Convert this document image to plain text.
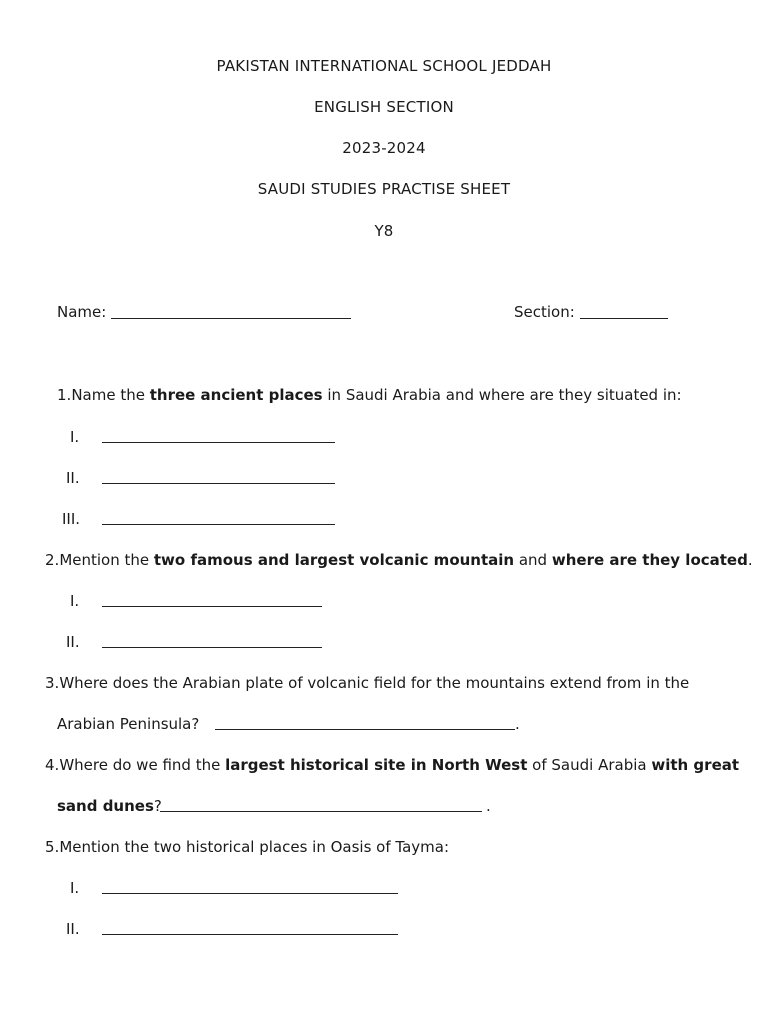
PAKISTAN INTERNATIONAL SCHOOL JEDDAH
ENGLISH SECTION
2023-2024
SAUDI STUDIES PRACTISE SHEET
Y8
Name:	Section:
1.Name the three ancient places in Saudi Arabia and where are they situated in:
I.
II.
III.
2.Mention the two famous and largest volcanic mountain and where are they located.
I.
II.
3.Where does the Arabian plate of volcanic field for the mountains extend from in the
Arabian Peninsula?	.
4.Where do we find the largest historical site in North West of Saudi Arabia with great
sand dunes?	.
5.Mention the two historical places in Oasis of Tayma:
I.
II.
